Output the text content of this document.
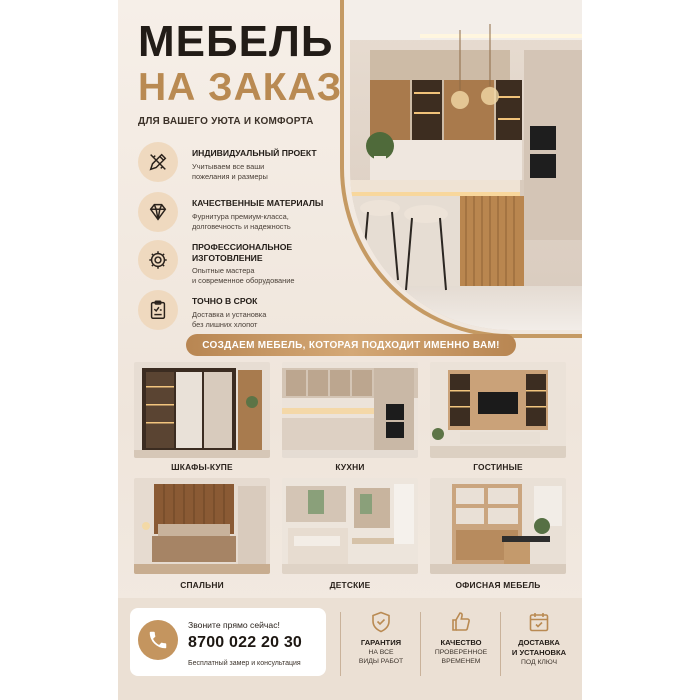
МЕБЕЛЬ
НА ЗАКАЗ
ДЛЯ ВАШЕГО УЮТА И КОМФОРТА
ИНДИВИДУАЛЬНЫЙ ПРОЕКТ
Учитываем все ваши
пожелания и размеры
КАЧЕСТВЕННЫЕ МАТЕРИАЛЫ
Фурнитура премиум-класса,
долговечность и надежность
ПРОФЕССИОНАЛЬНОЕ
ИЗГОТОВЛЕНИЕ
Опытные мастера
и современное оборудование
ТОЧНО В СРОК
Доставка и установка
без лишних хлопот
СОЗДАЕМ МЕБЕЛЬ, КОТОРАЯ ПОДХОДИТ ИМЕННО ВАМ!
ШКАФЫ-КУПЕ	КУХНИ	ГОСТИНЫЕ
СПАЛЬНИ	ДЕТСКИЕ	ОФИСНАЯ МЕБЕЛЬ
Звоните прямо сейчас!
8700 022 20 30
Бесплатный замер и консультация
ГАРАНТИЯ
НА ВСЕ
ВИДЫ РАБОТ
КАЧЕСТВО
ПРОВЕРЕННОЕ
ВРЕМЕНЕМ
ДОСТАВКА
И УСТАНОВКА
ПОД КЛЮЧ
